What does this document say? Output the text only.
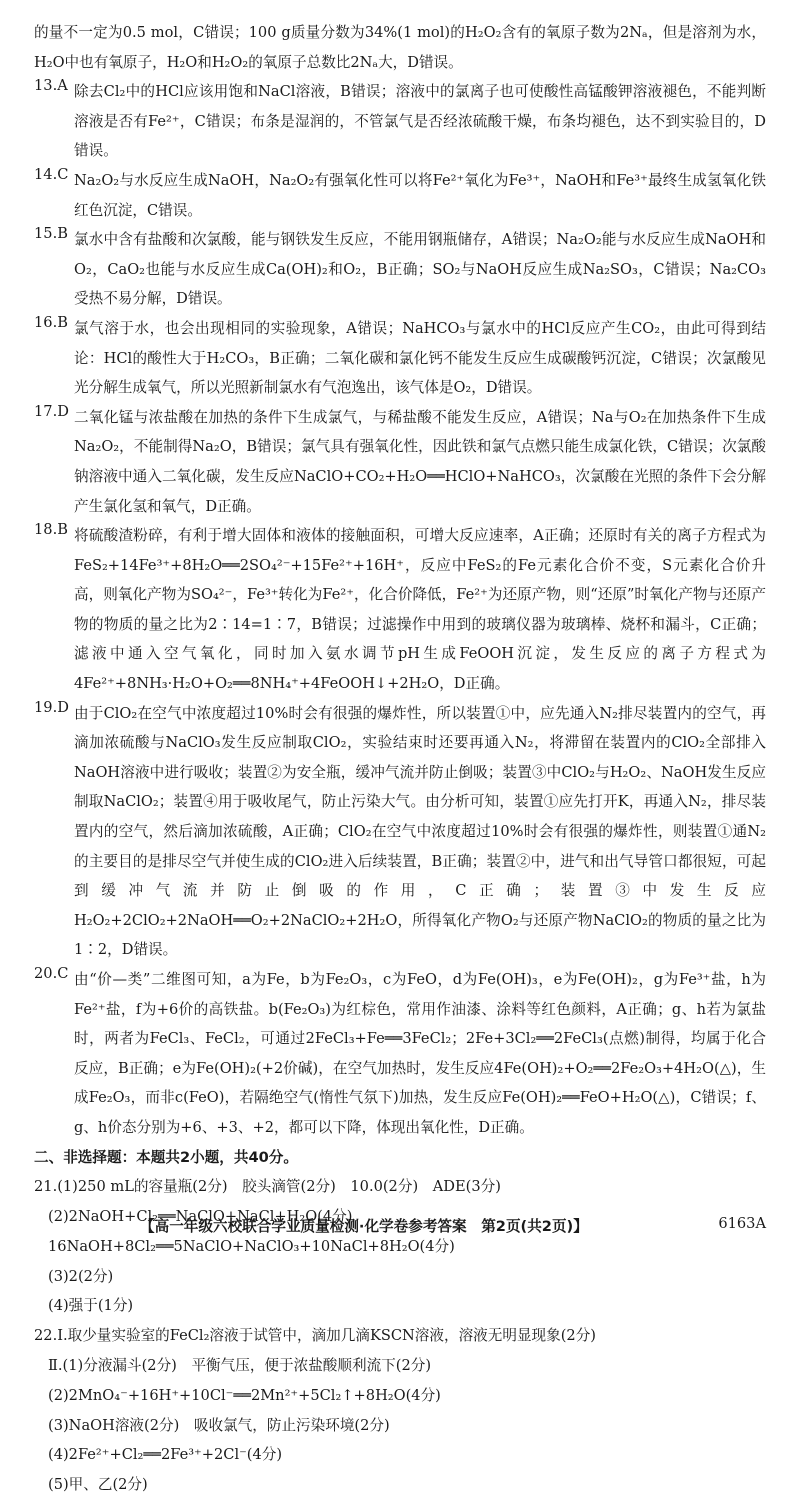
的量不一定为0.5 mol，C错误；100 g质量分数为34%(1 mol)的H₂O₂含有的氧原子数为2Nₐ，但是溶剂为水，H₂O中也有氧原子，H₂O和H₂O₂的氧原子总数比2Nₐ大，D错误。

13.A 除去Cl₂中的HCl应该用饱和NaCl溶液，B错误；溶液中的氯离子也可使酸性高锰酸钾溶液褪色，不能判断溶液是否有Fe²⁺，C错误；布条是湿润的，不管氯气是否经浓硫酸干燥，布条均褪色，达不到实验目的，D错误。

14.C Na₂O₂与水反应生成NaOH，Na₂O₂有强氧化性可以将Fe²⁺氧化为Fe³⁺，NaOH和Fe³⁺最终生成氢氧化铁红色沉淀，C错误。

15.B 氯水中含有盐酸和次氯酸，能与钢铁发生反应，不能用钢瓶储存，A错误；Na₂O₂能与水反应生成NaOH和O₂，CaO₂也能与水反应生成Ca(OH)₂和O₂，B正确；SO₂与NaOH反应生成Na₂SO₃，C错误；Na₂CO₃受热不易分解，D错误。

16.B 氯气溶于水，也会出现相同的实验现象，A错误；NaHCO₃与氯水中的HCl反应产生CO₂，由此可得到结论：HCl的酸性大于H₂CO₃，B正确；二氧化碳和氯化钙不能发生反应生成碳酸钙沉淀，C错误；次氯酸见光分解生成氧气，所以光照新制氯水有气泡逸出，该气体是O₂，D错误。

17.D 二氧化锰与浓盐酸在加热的条件下生成氯气，与稀盐酸不能发生反应，A错误；Na与O₂在加热条件下生成Na₂O₂，不能制得Na₂O，B错误；氯气具有强氧化性，因此铁和氯气点燃只能生成氯化铁，C错误；次氯酸钠溶液中通入二氧化碳，发生反应NaClO+CO₂+H₂O══HClO+NaHCO₃，次氯酸在光照的条件下会分解产生氯化氢和氧气，D正确。

18.B 将硫酸渣粉碎，有利于增大固体和液体的接触面积，可增大反应速率，A正确；还原时有关的离子方程式为FeS₂+14Fe³⁺+8H₂O══2SO₄²⁻+15Fe²⁺+16H⁺，反应中FeS₂的Fe元素化合价不变，S元素化合价升高，则氧化产物为SO₄²⁻，Fe³⁺转化为Fe²⁺，化合价降低，Fe²⁺为还原产物，则“还原”时氧化产物与还原产物的物质的量之比为2∶14=1∶7，B错误；过滤操作中用到的玻璃仪器为玻璃棒、烧杯和漏斗，C正确；滤液中通入空气氧化，同时加入氨水调节pH生成FeOOH沉淀，发生反应的离子方程式为4Fe²⁺+8NH₃·H₂O+O₂══8NH₄⁺+4FeOOH↓+2H₂O，D正确。

19.D 由于ClO₂在空气中浓度超过10%时会有很强的爆炸性，所以装置①中，应先通入N₂排尽装置内的空气，再滴加浓硫酸与NaClO₃发生反应制取ClO₂，实验结束时还要再通入N₂，将滞留在装置内的ClO₂全部排入NaOH溶液中进行吸收；装置②为安全瓶，缓冲气流并防止倒吸；装置③中ClO₂与H₂O₂、NaOH发生反应制取NaClO₂；装置④用于吸收尾气，防止污染大气。由分析可知，装置①应先打开K，再通入N₂，排尽装置内的空气，然后滴加浓硫酸，A正确；ClO₂在空气中浓度超过10%时会有很强的爆炸性，则装置①通N₂的主要目的是排尽空气并使生成的ClO₂进入后续装置，B正确；装置②中，进气和出气导管口都很短，可起到缓冲气流并防止倒吸的作用，C正确；装置③中发生反应H₂O₂+2ClO₂+2NaOH══O₂+2NaClO₂+2H₂O，所得氧化产物O₂与还原产物NaClO₂的物质的量之比为1∶2，D错误。

20.C 由“价—类”二维图可知，a为Fe，b为Fe₂O₃，c为FeO，d为Fe(OH)₃，e为Fe(OH)₂，g为Fe³⁺盐，h为Fe²⁺盐，f为+6价的高铁盐。b(Fe₂O₃)为红棕色，常用作油漆、涂料等红色颜料，A正确；g、h若为氯盐时，两者为FeCl₃、FeCl₂，可通过2FeCl₃+Fe══3FeCl₂；2Fe+3Cl₂══2FeCl₃(点燃)制得，均属于化合反应，B正确；e为Fe(OH)₂(+2价碱)，在空气加热时，发生反应4Fe(OH)₂+O₂══2Fe₂O₃+4H₂O(△)，生成Fe₂O₃，而非c(FeO)，若隔绝空气(惰性气氛下)加热，发生反应Fe(OH)₂══FeO+H₂O(△)，C错误；f、g、h价态分别为+6、+3、+2，都可以下降，体现出氧化性，D正确。

二、非选择题：本题共2小题，共40分。

21.(1)250 mL的容量瓶(2分)　胶头滴管(2分)　10.0(2分)　ADE(3分)
(2)2NaOH+Cl₂══NaClO+NaCl+H₂O(4分)
16NaOH+8Cl₂══5NaClO+NaClO₃+10NaCl+8H₂O(4分)
(3)2(2分)
(4)强于(1分)
22.Ⅰ.取少量实验室的FeCl₂溶液于试管中，滴加几滴KSCN溶液，溶液无明显现象(2分)
Ⅱ.(1)分液漏斗(2分)　平衡气压，便于浓盐酸顺利流下(2分)
(2)2MnO₄⁻+16H⁺+10Cl⁻══2Mn²⁺+5Cl₂↑+8H₂O(4分)
(3)NaOH溶液(2分)　吸收氯气，防止污染环境(2分)
(4)2Fe²⁺+Cl₂══2Fe³⁺+2Cl⁻(4分)
(5)甲、乙(2分)
【高一年级六校联合学业质量检测·化学卷参考答案　第2页(共2页)】	6163A
